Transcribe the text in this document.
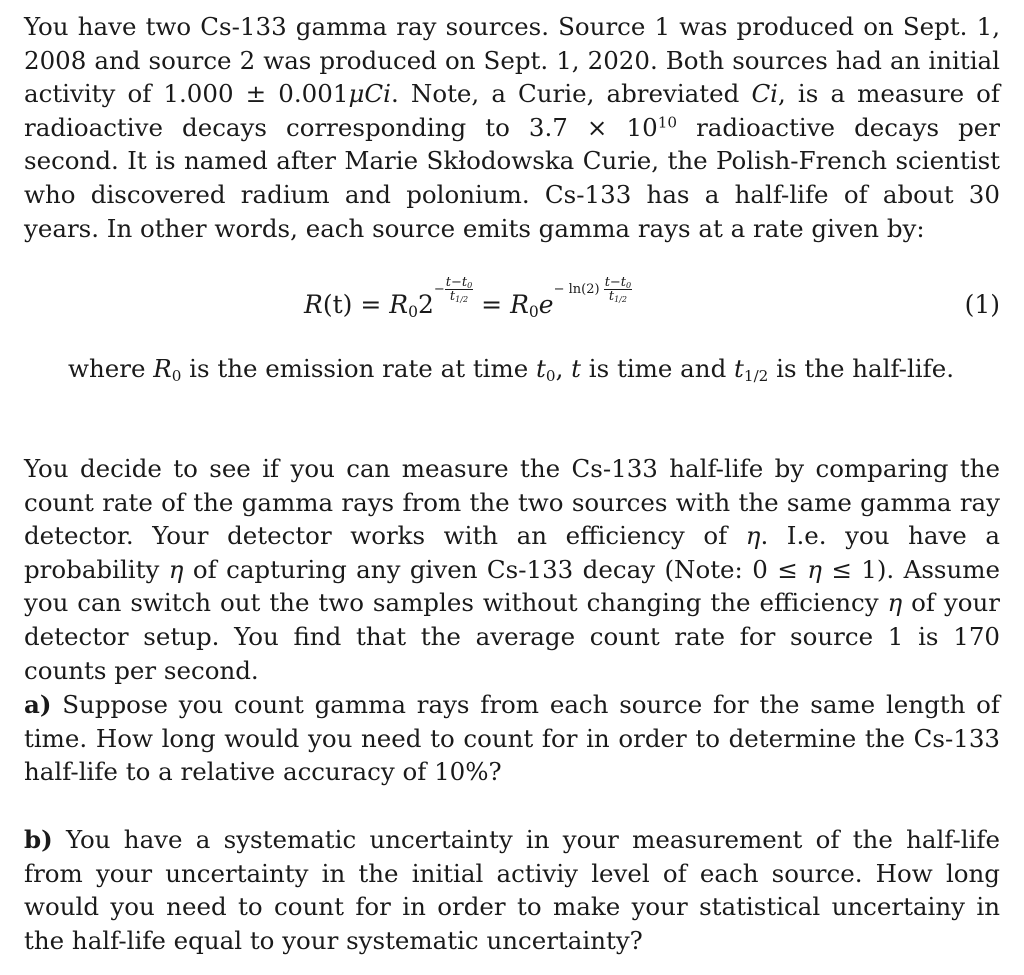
You have two Cs-133 gamma ray sources. Source 1 was produced on Sept. 1, 2008 and source 2 was produced on Sept. 1, 2020. Both sources had an initial activity of 1.000 ± 0.001μCi. Note, a Curie, abreviated Ci, is a measure of radioactive decays corresponding to $3.7 \times 10^{10}$ radioactive decays per second. It is named after Marie Skłodowska Curie, the Polish-French scientist who discovered radium and polonium. Cs-133 has a half-life of about 30 years. In other words, each source emits gamma rays at a rate given by:

$R(t) = R_02- \frac{t-t_0}{t_{1/2}}$
= $R_0e- \ln(2) \frac{t-t_0}{t_{1/2}}$
(1)

where $R_0$ is the emission rate at time $t_0$, t is time and $t_{1/2}$ is the half-life.

You decide to see if you can measure the Cs-133 half-life by comparing the count rate of the gamma rays from the two sources with the same gamma ray detector. Your detector works with an efficiency of η. I.e. you have a probability η of capturing any given Cs-133 decay (Note: 0 ≤ η ≤ 1). Assume you can switch out the two samples without changing the efficiency η of your detector setup. You find that the average count rate for source 1 is 170 counts per second.

a) Suppose you count gamma rays from each source for the same length of time. How long would you need to count for in order to determine the Cs-133 half-life to a relative accuracy of 10%?

b) You have a systematic uncertainty in your measurement of the half-life from your uncertainty in the initial activiy level of each source. How long would you need to count for in order to make your statistical uncertainy in the half-life equal to your systematic uncertainty?
